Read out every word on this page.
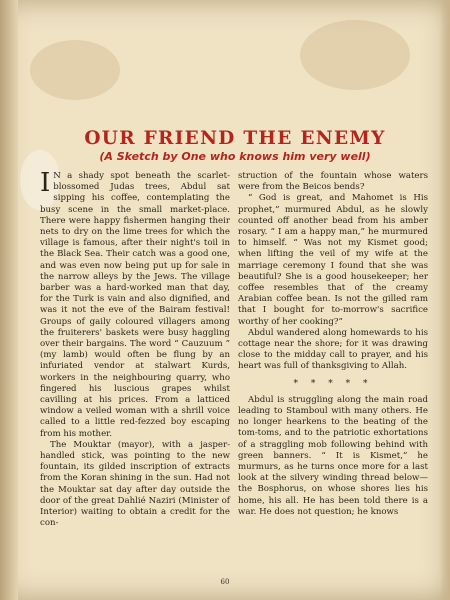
OUR FRIEND THE ENEMY
(A Sketch by One who knows him very well)

I N a shady spot beneath the scarlet-blossomed Judas trees, Abdul sat sipping his coffee, contemplating the busy scene in the small market-place. There were happy fishermen hanging their nets to dry on the lime trees for which the village is famous, after their night's toil in the Black Sea. Their catch was a good one, and was even now being put up for sale in the narrow alleys by the Jews. The village barber was a hard-worked man that day, for the Turk is vain and also dignified, and was it not the eve of the Bairam festival! Groups of gaily coloured villagers among the fruiterers' baskets were busy haggling over their bargains. The word “ Cauzuum ” (my lamb) would often be flung by an infuriated vendor at stalwart Kurds, workers in the neighbouring quarry, who fingered his luscious grapes whilst cavilling at his prices. From a latticed window a veiled woman with a shrill voice called to a little red-fezzed boy escaping from his mother.

The Mouktar (mayor), with a jasper-handled stick, was pointing to the new fountain, its gilded inscription of extracts from the Koran shining in the sun. Had not the Mouktar sat day after day outside the door of the great Dahlié Naziri (Minister of Interior) waiting to obtain a credit for the con-

struction of the fountain whose waters were from the Beicos bends?

“ God is great, and Mahomet is His prophet,” murmured Abdul, as he slowly counted off another bead from his amber rosary. “ I am a happy man,” he murmured to himself. “ Was not my Kismet good; when lifting the veil of my wife at the marriage ceremony I found that she was beautiful? She is a good housekeeper; her coffee resembles that of the creamy Arabian coffee bean. Is not the gilled ram that I bought for to-morrow's sacrifice worthy of her cooking?”

Abdul wandered along homewards to his cottage near the shore; for it was drawing close to the midday call to prayer, and his heart was full of thanksgiving to Allah.

* * * * *

Abdul is struggling along the main road leading to Stamboul with many others. He no longer hearkens to the beating of the tom-toms, and to the patriotic exhortations of a straggling mob following behind with green banners. “ It is Kismet,” he murmurs, as he turns once more for a last look at the silvery winding thread below—the Bosphorus, on whose shores lies his home, his all. He has been told there is a war. He does not question; he knows

60
